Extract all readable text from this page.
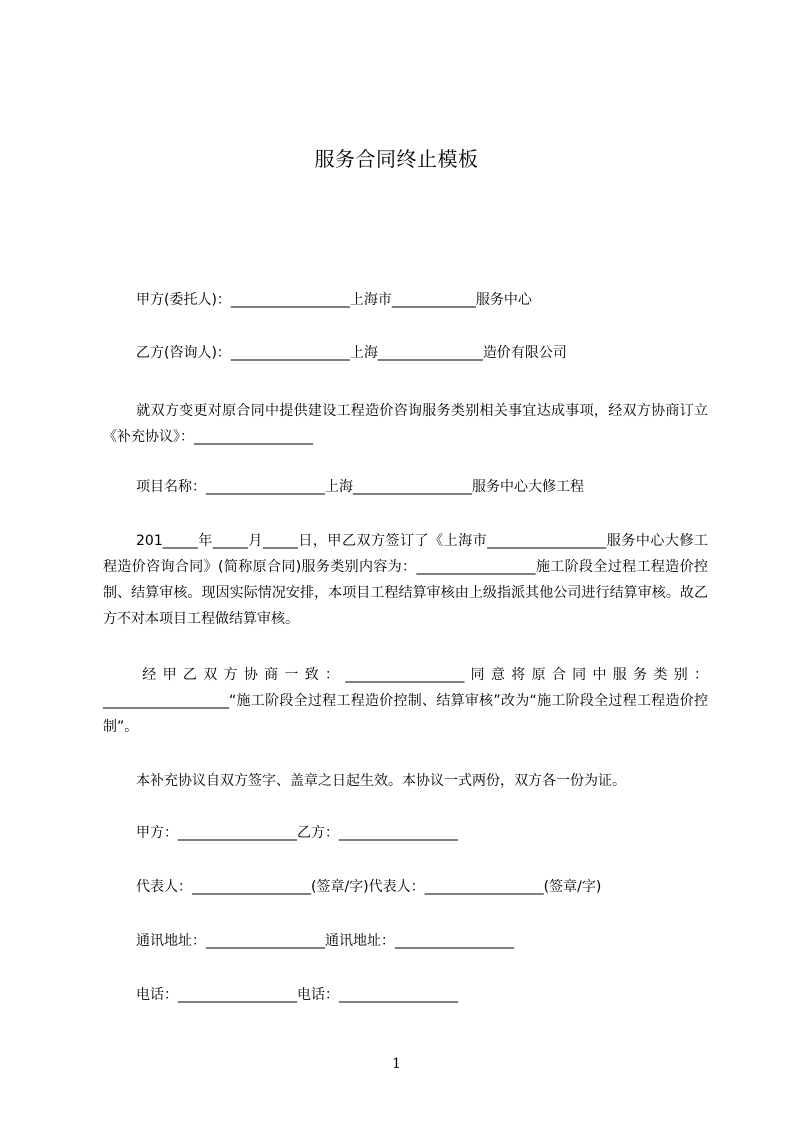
服务合同终止模板
甲方(委托人)：_________________上海市____________服务中心
乙方(咨询人)：_________________上海_______________造价有限公司
就双方变更对原合同中提供建设工程造价咨询服务类别相关事宜达成事项，经双方协商订立《补充协议》：_________________
项目名称：_________________上海_________________服务中心大修工程
201_____年_____月_____日，甲乙双方签订了《上海市_________________服务中心大修工程造价咨询合同》(简称原合同)服务类别内容为：_________________施工阶段全过程工程造价控制、结算审核。现因实际情况安排，本项目工程结算审核由上级指派其他公司进行结算审核。故乙方不对本项目工程做结算审核。
经甲乙双方协商一致：_________________同意将原合同中服务类别：__________________“施工阶段全过程工程造价控制、结算审核”改为“施工阶段全过程工程造价控制”。
本补充协议自双方签字、盖章之日起生效。本协议一式两份，双方各一份为证。
甲方：_________________乙方：_________________
代表人：_________________(签章/字)代表人：_________________(签章/字)
通讯地址：_________________通讯地址：_________________
电话：_________________电话：_________________
1
